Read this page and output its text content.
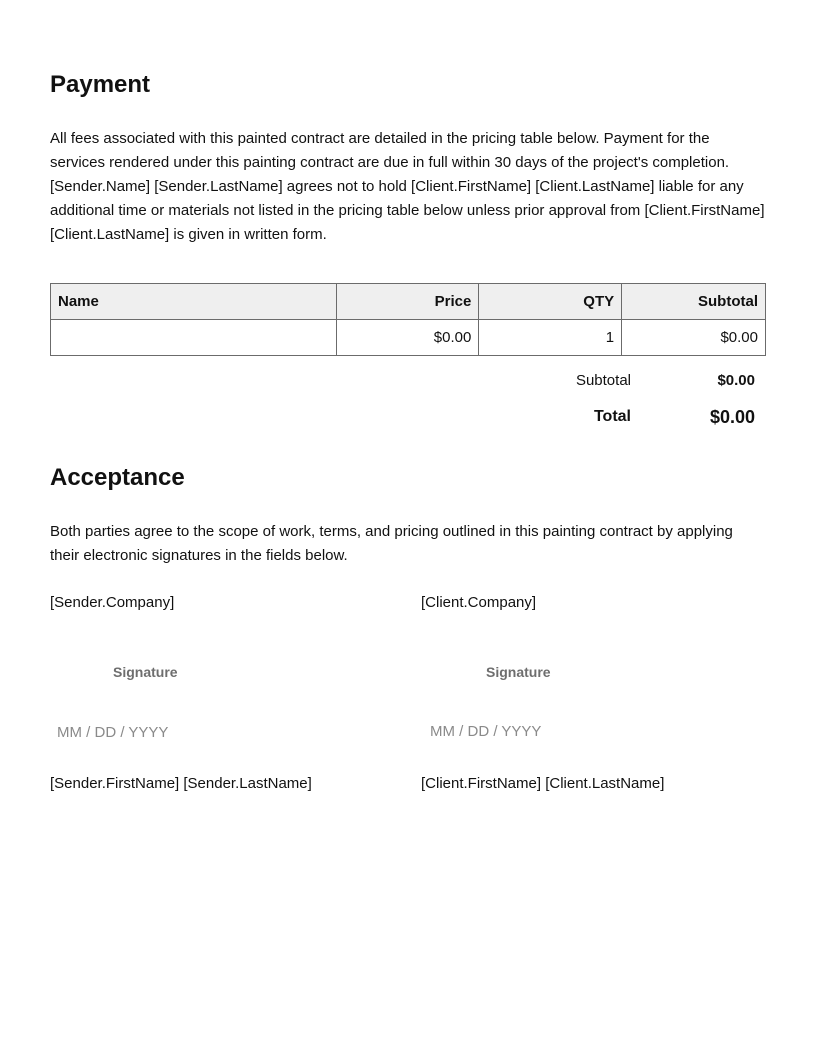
Payment
All fees associated with this painted contract are detailed in the pricing table below. Payment for the services rendered under this painting contract are due in full within 30 days of the project's completion. [Sender.Name] [Sender.LastName] agrees not to hold [Client.FirstName] [Client.LastName] liable for any additional time or materials not listed in the pricing table below unless prior approval from [Client.FirstName] [Client.LastName] is given in written form.
Name	Price	QTY	Subtotal
	$0.00	1	$0.00
Subtotal	$0.00
Total	$0.00
Acceptance
Both parties agree to the scope of work, terms, and pricing outlined in this painting contract by applying their electronic signatures in the fields below.
[Sender.Company]
Signature
MM / DD / YYYY
[Sender.FirstName] [Sender.LastName]
[Client.Company]
Signature
MM / DD / YYYY
[Client.FirstName] [Client.LastName]
